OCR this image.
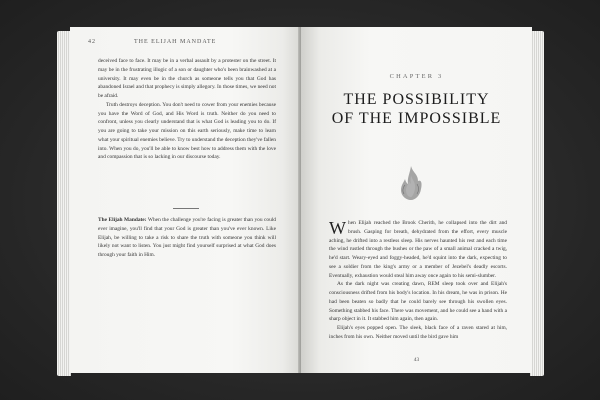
42	THE ELIJAH MANDATE

deceived face to face. It may be in a verbal assault by a protester on the street. It may be in the frustrating illogic of a son or daughter who's been brainwashed at a university. It may even be in the church as someone tells you that God has abandoned Israel and that prophecy is simply allegory. In those times, we need not be afraid.

Truth destroys deception. You don't need to cower from your enemies because you have the Word of God, and His Word is truth. Neither do you need to confront, unless you clearly understand that is what God is leading you to do. If you are going to take your mission on this earth seriously, make time to learn what your spiritual enemies believe. Try to understand the deception they've fallen into. When you do, you'll be able to know best how to address them with the love and compassion that is so lacking in our discourse today.

The Elijah Mandate: When the challenge you're facing is greater than you could ever imagine, you'll find that your God is greater than you've ever known. Like Elijah, be willing to take a risk to share the truth with someone you think will likely not want to listen. You just might find yourself surprised at what God does through your faith in Him.

CHAPTER 3
THE POSSIBILITY
OF THE IMPOSSIBLE

When Elijah reached the Brook Cherith, he collapsed into the dirt and brush. Gasping for breath, dehydrated from the effort, every muscle aching, he drifted into a restless sleep. His nerves haunted his rest and each time the wind rustled through the bushes or the paw of a small animal cracked a twig, he'd start. Weary-eyed and foggy-headed, he'd squint into the dark, expecting to see a soldier from the king's army or a member of Jezebel's deadly escorts. Eventually, exhaustion would steal him away once again to his semi-slumber.

As the dark night was creating dawn, REM sleep took over and Elijah's consciousness drifted from his body's location. In his dream, he was in prison. He had been beaten so badly that he could barely see through his swollen eyes. Something stabbed his face. There was movement, and he could see a hand with a sharp object in it. It stabbed him again, then again.

Elijah's eyes popped open. The sleek, black face of a raven stared at him, inches from his own. Neither moved until the bird gave him

43
